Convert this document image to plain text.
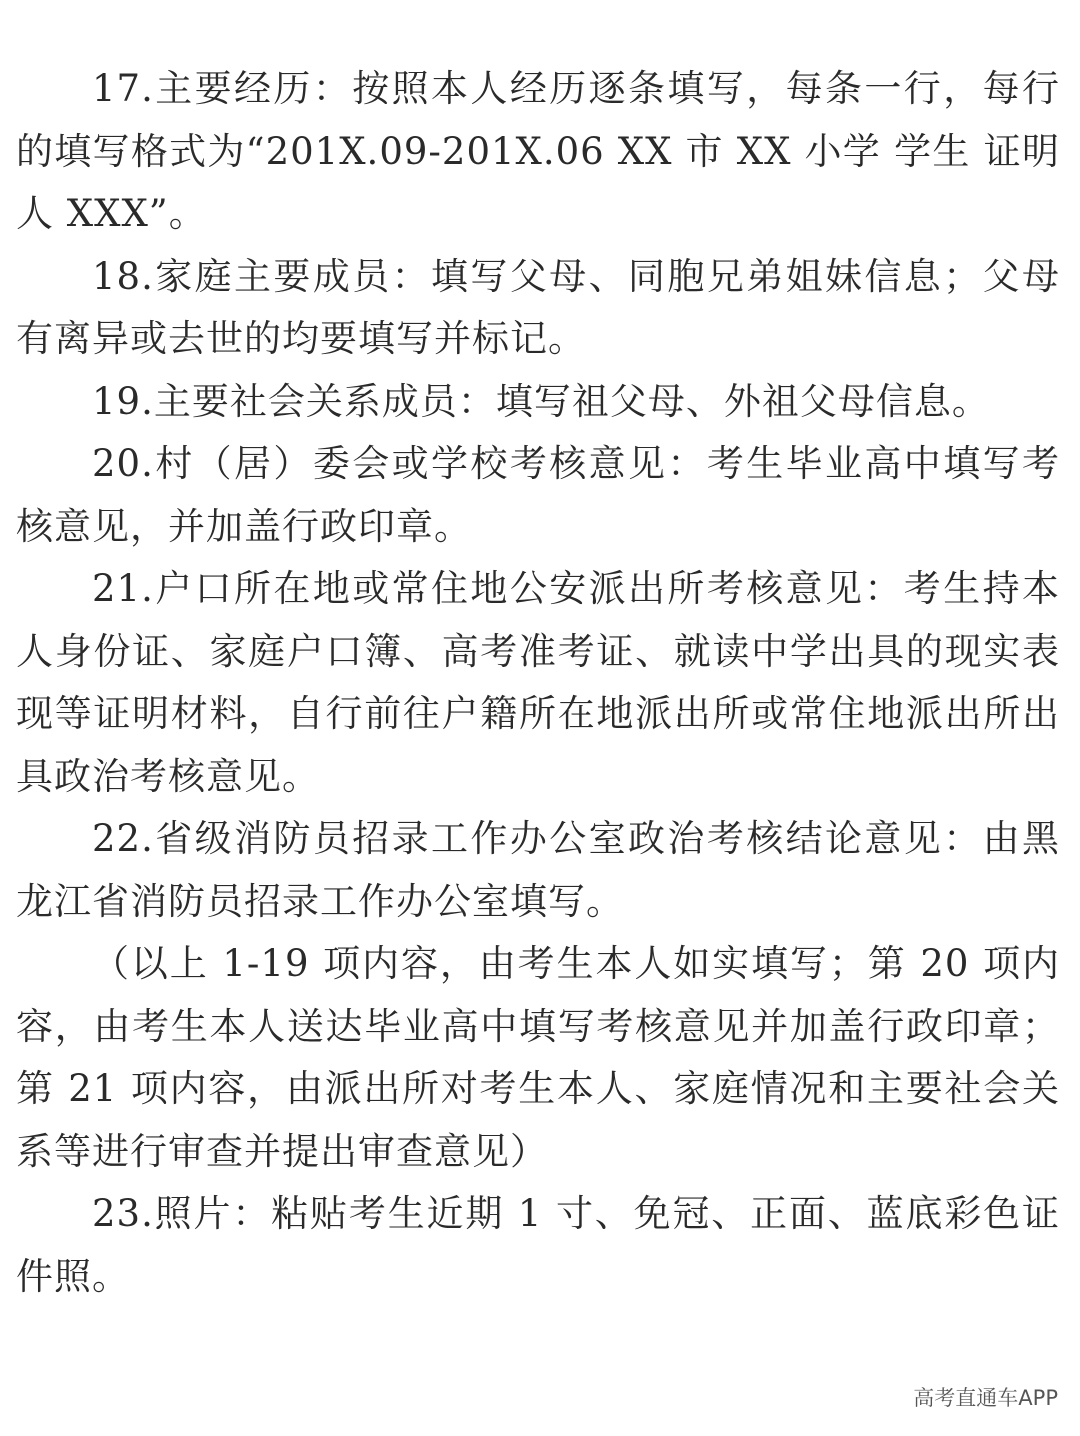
17.主要经历：按照本人经历逐条填写，每条一行，每行的填写格式为“201X.09-201X.06 XX 市 XX 小学 学生 证明人 XXX”。

18.家庭主要成员：填写父母、同胞兄弟姐妹信息；父母有离异或去世的均要填写并标记。

19.主要社会关系成员：填写祖父母、外祖父母信息。

20.村（居）委会或学校考核意见：考生毕业高中填写考核意见，并加盖行政印章。

21.户口所在地或常住地公安派出所考核意见：考生持本人身份证、家庭户口簿、高考准考证、就读中学出具的现实表现等证明材料，自行前往户籍所在地派出所或常住地派出所出具政治考核意见。

22.省级消防员招录工作办公室政治考核结论意见：由黑龙江省消防员招录工作办公室填写。

（以上 1-19 项内容，由考生本人如实填写；第 20 项内容，由考生本人送达毕业高中填写考核意见并加盖行政印章；第 21 项内容，由派出所对考生本人、家庭情况和主要社会关系等进行审查并提出审查意见）

23.照片：粘贴考生近期 1 寸、免冠、正面、蓝底彩色证件照。

高考直通车APP
